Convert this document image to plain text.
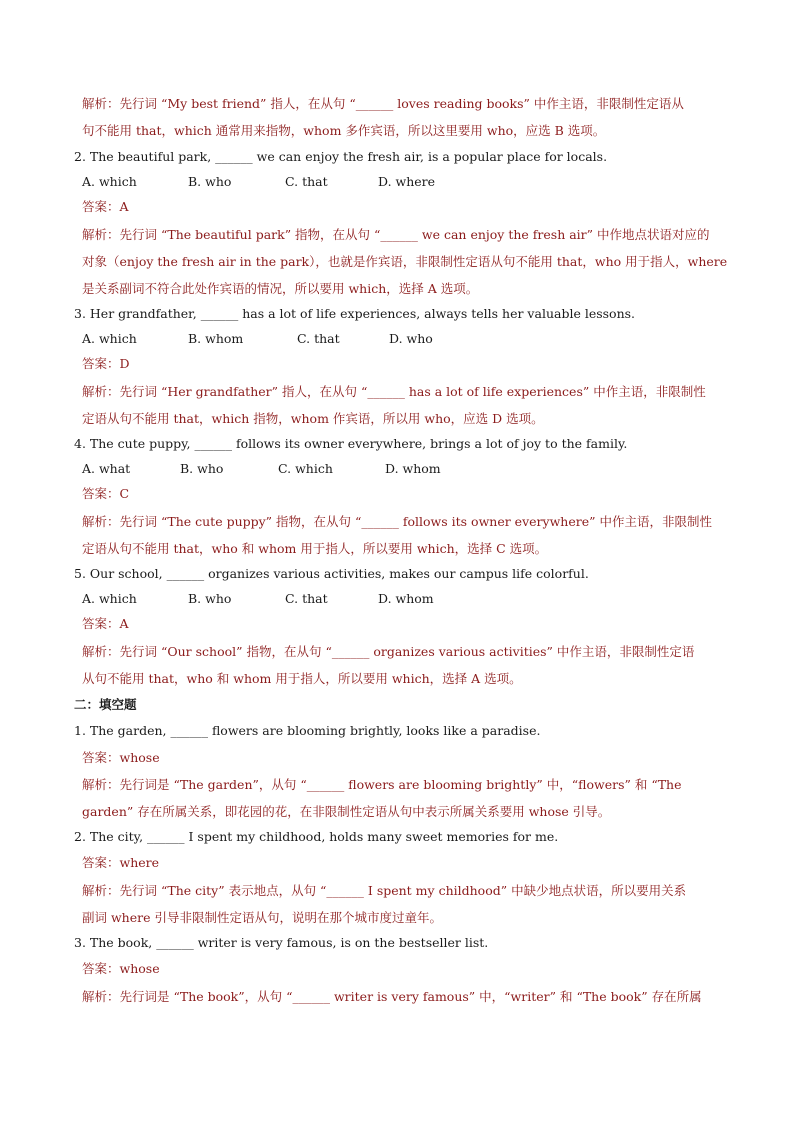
解析：先行词 “My best friend” 指人，在从句 “______ loves reading books” 中作主语，非限制性定语从
句不能用 that，which 通常用来指物，whom 多作宾语，所以这里要用 who，应选 B 选项。
2. The beautiful park, ______ we can enjoy the fresh air, is a popular place for locals.
A. which	B. who	C. that	D. where
答案：A
解析：先行词 “The beautiful park” 指物，在从句 “______ we can enjoy the fresh air” 中作地点状语对应的
对象（enjoy the fresh air in the park），也就是作宾语，非限制性定语从句不能用 that，who 用于指人，where
是关系副词不符合此处作宾语的情况，所以要用 which，选择 A 选项。
3. Her grandfather, ______ has a lot of life experiences, always tells her valuable lessons.
A. which	B. whom	C. that	D. who
答案：D
解析：先行词 “Her grandfather” 指人，在从句 “______ has a lot of life experiences” 中作主语，非限制性
定语从句不能用 that，which 指物，whom 作宾语，所以用 who，应选 D 选项。
4. The cute puppy, ______ follows its owner everywhere, brings a lot of joy to the family.
A. what	B. who	C. which	D. whom
答案：C
解析：先行词 “The cute puppy” 指物，在从句 “______ follows its owner everywhere” 中作主语，非限制性
定语从句不能用 that，who 和 whom 用于指人，所以要用 which，选择 C 选项。
5. Our school, ______ organizes various activities, makes our campus life colorful.
A. which	B. who	C. that	D. whom
答案：A
解析：先行词 “Our school” 指物，在从句 “______ organizes various activities” 中作主语，非限制性定语
从句不能用 that，who 和 whom 用于指人，所以要用 which，选择 A 选项。
二：填空题
1. The garden, ______ flowers are blooming brightly, looks like a paradise.
答案：whose
解析：先行词是 “The garden”，从句 “______ flowers are blooming brightly” 中，“flowers” 和 “The
garden” 存在所属关系，即花园的花，在非限制性定语从句中表示所属关系要用 whose 引导。
2. The city, ______ I spent my childhood, holds many sweet memories for me.
答案：where
解析：先行词 “The city” 表示地点，从句 “______ I spent my childhood” 中缺少地点状语，所以要用关系
副词 where 引导非限制性定语从句，说明在那个城市度过童年。
3. The book, ______ writer is very famous, is on the bestseller list.
答案：whose
解析：先行词是 “The book”，从句 “______ writer is very famous” 中，“writer” 和 “The book” 存在所属
